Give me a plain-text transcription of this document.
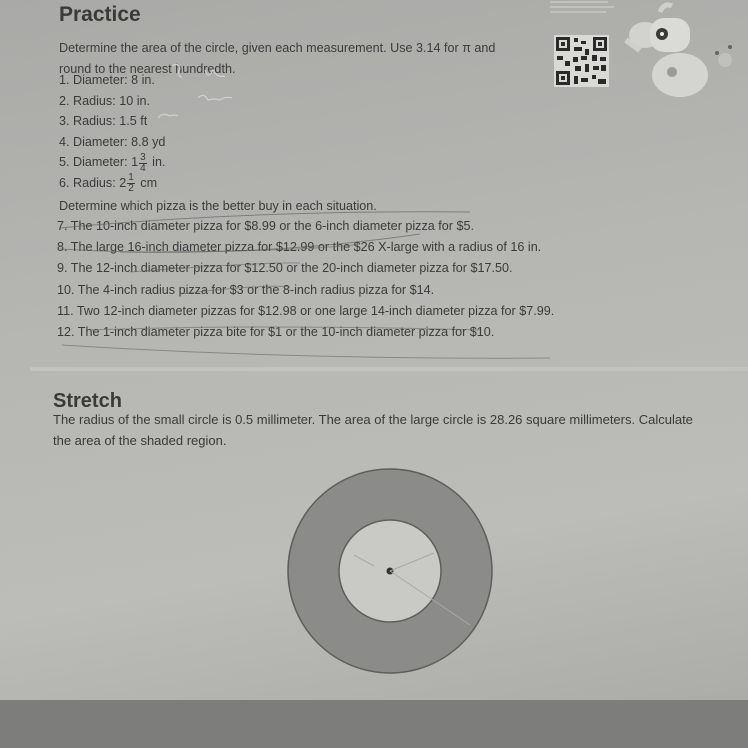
Practice
Determine the area of the circle, given each measurement. Use 3.14 for π and round to the nearest hundredth.
1. Diameter: 8 in.
2. Radius: 10 in.
3. Radius: 1.5 ft
4. Diameter: 8.8 yd
5. Diameter: $1 \frac{3}{4}$ in.
6. Radius: $2 \frac{1}{2}$ cm
Determine which pizza is the better buy in each situation.
7. The 10-inch diameter pizza for $8.99 or the 6-inch diameter pizza for $5.
8. The large 16-inch diameter pizza for $12.99 or the $26 X-large with a radius of 16 in.
9. The 12-inch diameter pizza for $12.50 or the 20-inch diameter pizza for $17.50.
10. The 4-inch radius pizza for $3 or the 8-inch radius pizza for $14.
11. Two 12-inch diameter pizzas for $12.98 or one large 14-inch diameter pizza for $7.99.
12. The 1-inch diameter pizza bite for $1 or the 10-inch diameter pizza for $10.
Stretch
The radius of the small circle is 0.5 millimeter. The area of the large circle is 28.26 square millimeters. Calculate the area of the shaded region.
